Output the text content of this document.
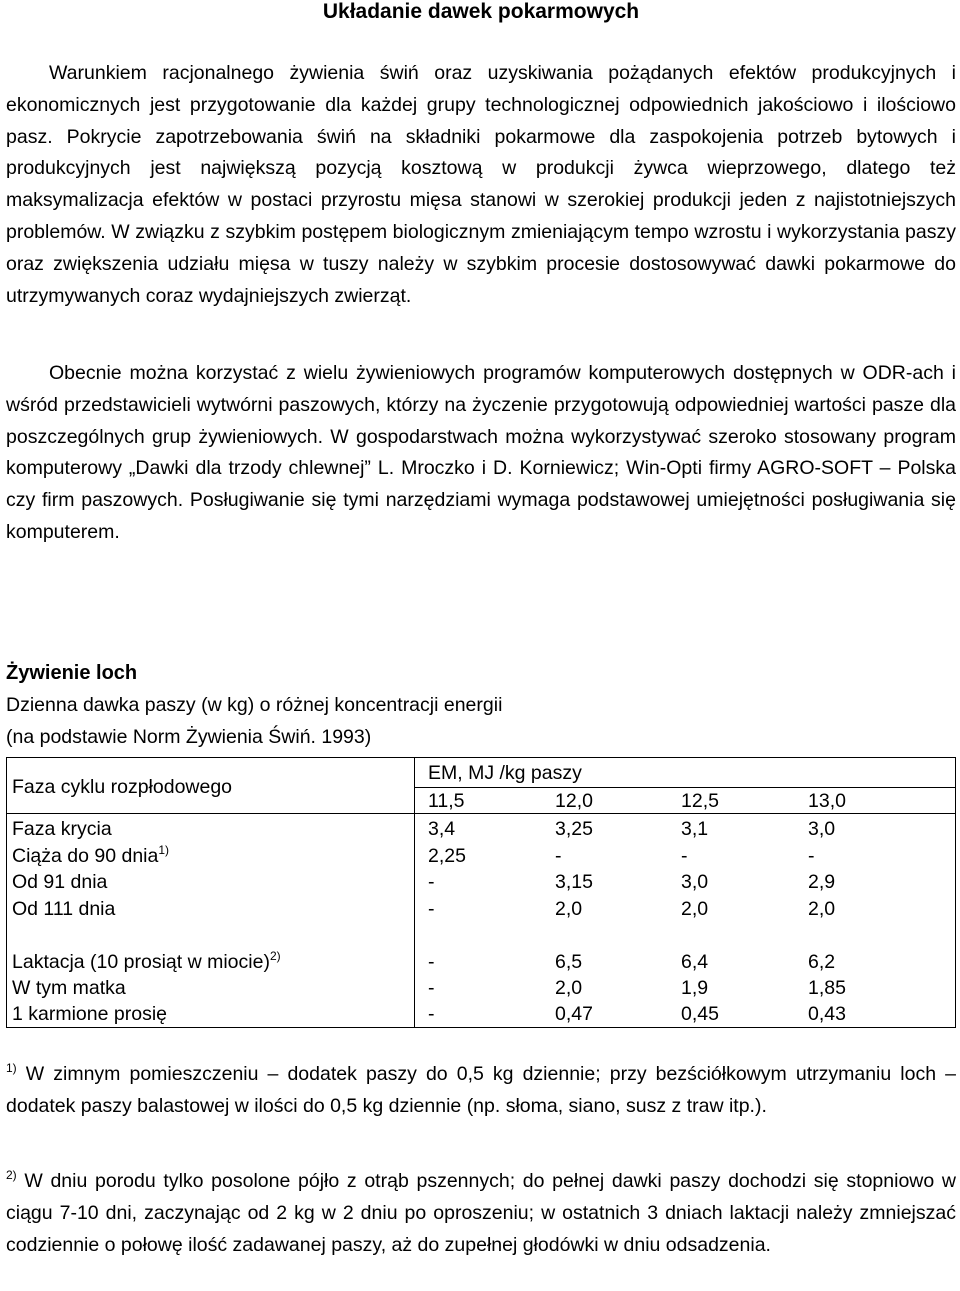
Układanie dawek pokarmowych

Warunkiem racjonalnego żywienia świń oraz uzyskiwania pożądanych efektów produkcyjnych i ekonomicznych jest przygotowanie dla każdej grupy technologicznej odpowiednich jakościowo i ilościowo pasz. Pokrycie zapotrzebowania świń na składniki pokarmowe dla zaspokojenia potrzeb bytowych i produkcyjnych jest największą pozycją kosztową w produkcji żywca wieprzowego, dlatego też maksymalizacja efektów w postaci przyrostu mięsa stanowi w szerokiej produkcji jeden z najistotniejszych problemów. W związku z szybkim postępem biologicznym zmieniającym tempo wzrostu i wykorzystania paszy oraz zwiększenia udziału mięsa w tuszy należy w szybkim procesie dostosowywać dawki pokarmowe do utrzymywanych coraz wydajniejszych zwierząt.

Obecnie można korzystać z wielu żywieniowych programów komputerowych dostępnych w ODR-ach i wśród przedstawicieli wytwórni paszowych, którzy na życzenie przygotowują odpowiedniej wartości pasze dla poszczególnych grup żywieniowych. W gospodarstwach można wykorzystywać szeroko stosowany program komputerowy „Dawki dla trzody chlewnej” L. Mroczko i D. Korniewicz; Win-Opti firmy AGRO-SOFT – Polska czy firm paszowych. Posługiwanie się tymi narzędziami wymaga podstawowej umiejętności posługiwania się komputerem.

Żywienie loch
Dzienna dawka paszy (w kg) o różnej koncentracji energii
(na podstawie Norm Żywienia Świń. 1993)
Faza cyklu rozpłodowego
EM, MJ /kg paszy
11,5	12,0	12,5	13,0
Faza krycia	3,4	3,25	3,1	3,0
Ciąża do 90 dnia$^{1)}$	2,25	-	-	-
Od 91 dnia	-	3,15	3,0	2,9
Od 111 dnia	-	2,0	2,0	2,0
Laktacja (10 prosiąt w miocie)$^{2)}$	-	6,5	6,4	6,2
W tym matka	-	2,0	1,9	1,85
1 karmione prosię	-	0,47	0,45	0,43

$^{1)}$ W zimnym pomieszczeniu – dodatek paszy do 0,5 kg dziennie; przy bezściółkowym utrzymaniu loch – dodatek paszy balastowej w ilości do 0,5 kg dziennie (np. słoma, siano, susz z traw itp.).

$^{2)}$ W dniu porodu tylko posolone pójło z otrąb pszennych; do pełnej dawki paszy dochodzi się stopniowo w ciągu 7-10 dni, zaczynając od 2 kg w 2 dniu po oproszeniu; w ostatnich 3 dniach laktacji należy zmniejszać codziennie o połowę ilość zadawanej paszy, aż do zupełnej głodówki w dniu odsadzenia.
